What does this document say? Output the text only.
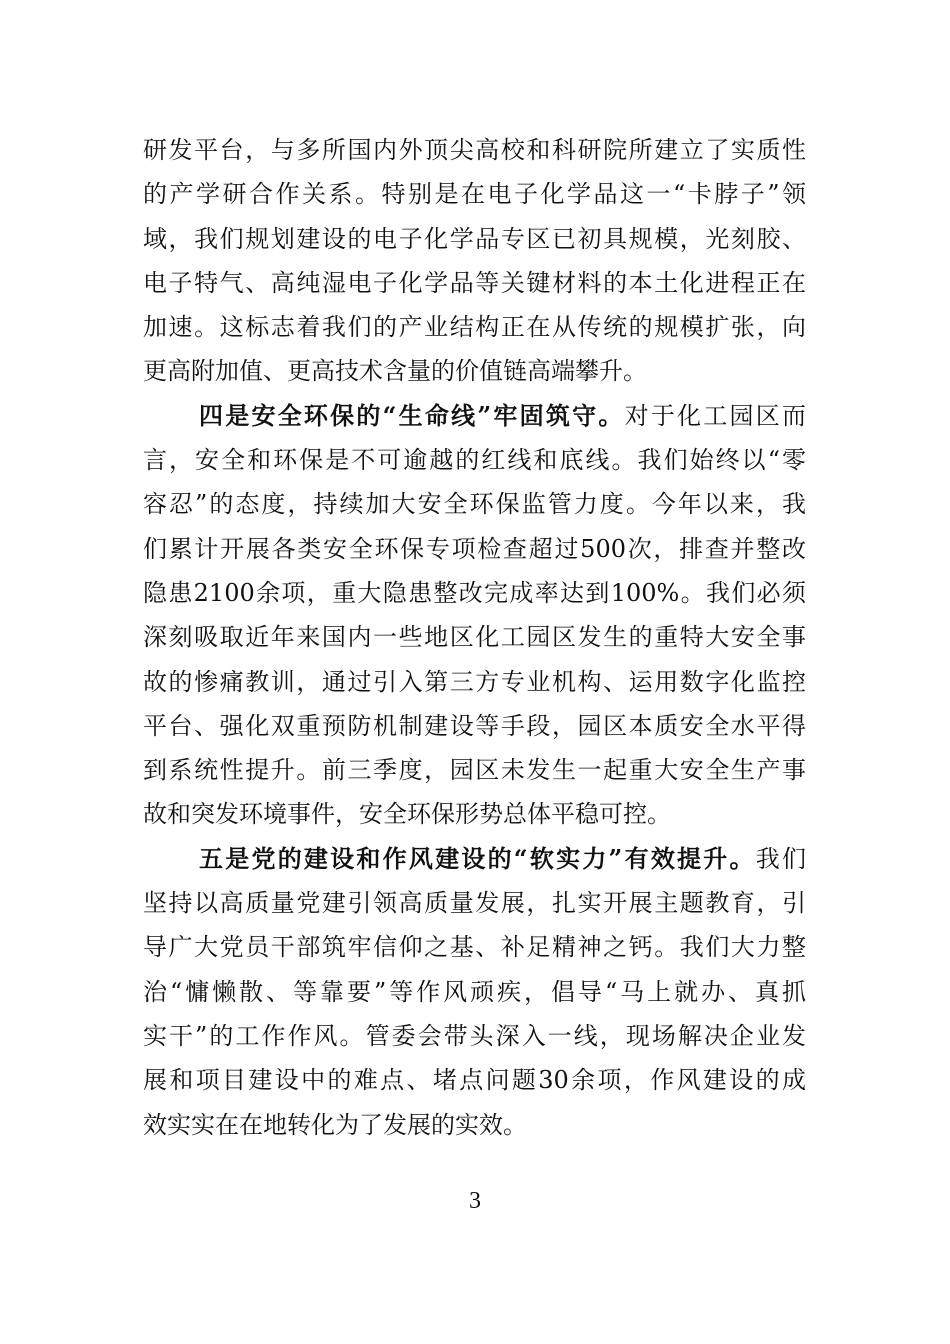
研发平台，与多所国内外顶尖高校和科研院所建立了实质性
的产学研合作关系。特别是在电子化学品这一“卡脖子”领
域，我们规划建设的电子化学品专区已初具规模，光刻胶、
电子特气、高纯湿电子化学品等关键材料的本土化进程正在
加速。这标志着我们的产业结构正在从传统的规模扩张，向
更高附加值、更高技术含量的价值链高端攀升。
四是安全环保的“生命线”牢固筑守。对于化工园区而
言，安全和环保是不可逾越的红线和底线。我们始终以“零
容忍”的态度，持续加大安全环保监管力度。今年以来，我
们累计开展各类安全环保专项检查超过500次，排查并整改
隐患2100余项，重大隐患整改完成率达到100%。我们必须
深刻吸取近年来国内一些地区化工园区发生的重特大安全事
故的惨痛教训，通过引入第三方专业机构、运用数字化监控
平台、强化双重预防机制建设等手段，园区本质安全水平得
到系统性提升。前三季度，园区未发生一起重大安全生产事
故和突发环境事件，安全环保形势总体平稳可控。
五是党的建设和作风建设的“软实力”有效提升。我们
坚持以高质量党建引领高质量发展，扎实开展主题教育，引
导广大党员干部筑牢信仰之基、补足精神之钙。我们大力整
治“慵懒散、等靠要”等作风顽疾，倡导“马上就办、真抓
实干”的工作作风。管委会带头深入一线，现场解决企业发
展和项目建设中的难点、堵点问题30余项，作风建设的成
效实实在在地转化为了发展的实效。
3
